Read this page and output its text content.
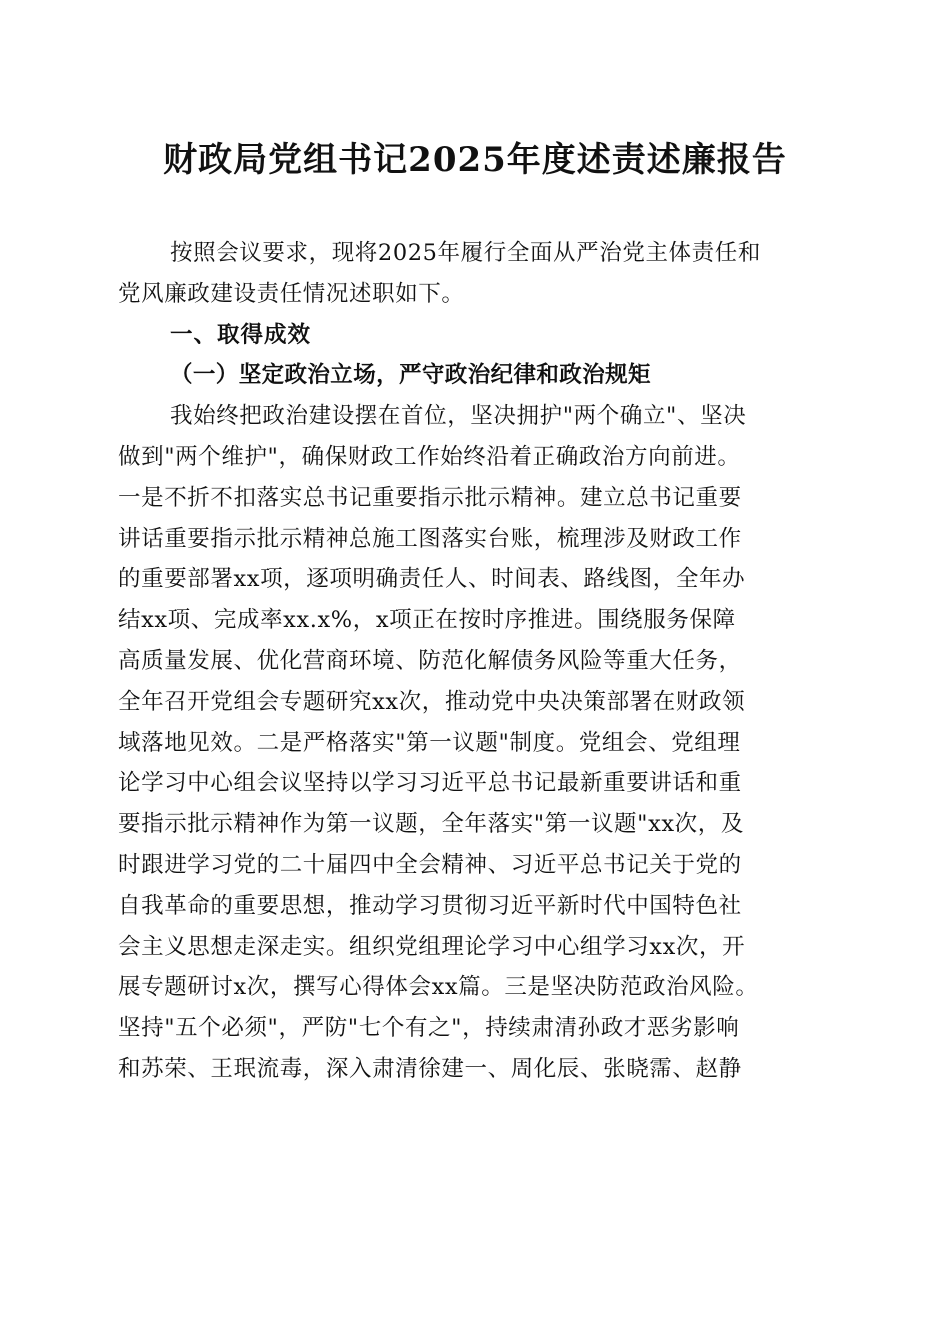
财政局党组书记2025年度述责述廉报告
按照会议要求，现将2025年履行全面从严治党主体责任和
党风廉政建设责任情况述职如下。
一、取得成效
（一）坚定政治立场，严守政治纪律和政治规矩
我始终把政治建设摆在首位，坚决拥护"两个确立"、坚决
做到"两个维护"，确保财政工作始终沿着正确政治方向前进。
一是不折不扣落实总书记重要指示批示精神。建立总书记重要
讲话重要指示批示精神总施工图落实台账，梳理涉及财政工作
的重要部署xx项，逐项明确责任人、时间表、路线图，全年办
结xx项、完成率xx.x%，x项正在按时序推进。围绕服务保障
高质量发展、优化营商环境、防范化解债务风险等重大任务，
全年召开党组会专题研究xx次，推动党中央决策部署在财政领
域落地见效。二是严格落实"第一议题"制度。党组会、党组理
论学习中心组会议坚持以学习习近平总书记最新重要讲话和重
要指示批示精神作为第一议题，全年落实"第一议题"xx次，及
时跟进学习党的二十届四中全会精神、习近平总书记关于党的
自我革命的重要思想，推动学习贯彻习近平新时代中国特色社
会主义思想走深走实。组织党组理论学习中心组学习xx次，开
展专题研讨x次，撰写心得体会xx篇。三是坚决防范政治风险。
坚持"五个必须"，严防"七个有之"，持续肃清孙政才恶劣影响
和苏荣、王珉流毒，深入肃清徐建一、周化辰、张晓霈、赵静
